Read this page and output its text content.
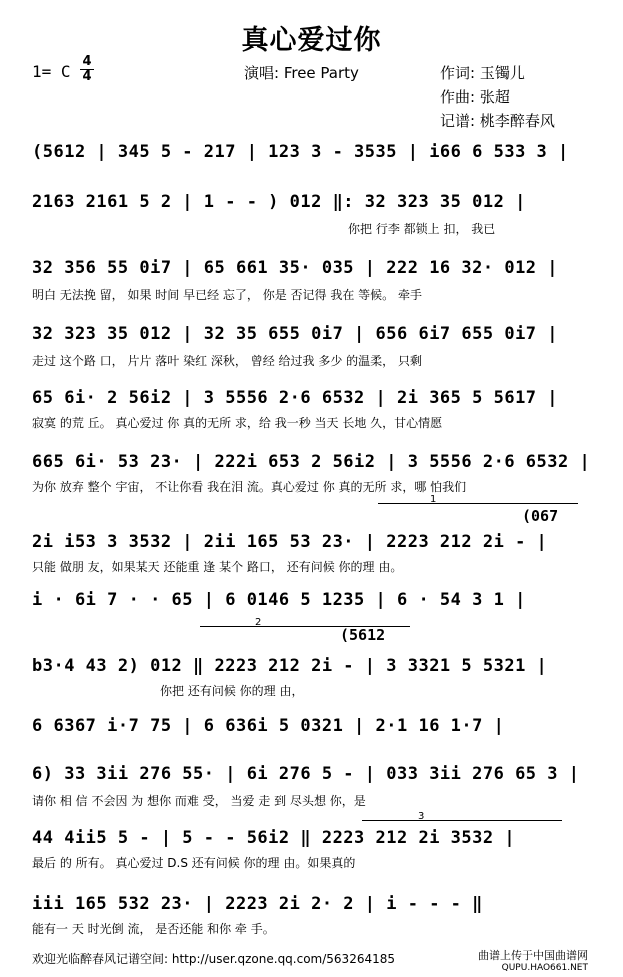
真心爱过你
1= C
4
4	演唱: Free Party	作词: 玉镯儿
作曲: 张超
记谱: 桃李醉春风
(5612 | 345 5 - 217 | 123 3 - 3535 | i66 6 533 3 |
2163 2161 5 2 | 1 - - ) 012 ‖: 32 323 35 012 |
你把 行李 都锁上 扣， 我已
32 356 55 0i7 | 65 661 35· 035 | 222 16 32· 012 |
明白 无法挽 留， 如果 时间 早已经 忘了， 你是 否记得 我在 等候。 牵手
32 323 35 012 | 32 35 655 0i7 | 656 6i7 655 0i7 |
走过 这个路 口， 片片 落叶 染红 深秋， 曾经 给过我 多少 的温柔， 只剩
65 6i· 2 56i2 | 3 5556 2·6 6532 | 2i 365 5 5617 |
寂寞 的荒 丘。 真心爱过 你 真的无所 求，给 我一秒 当天 长地 久，甘心情愿
665 6i· 53 23· | 222i 653 2 56i2 | 3 5556 2·6 6532 |
为你 放弃 整个 宇宙， 不让你看 我在泪 流。真心爱过 你 真的无所 求，哪 怕我们
1
(067
2i i53 3 3532 | 2ii 165 53 23· | 2223 212 2i - |
只能 做朋 友，如果某天 还能重 逢 某个 路口， 还有问候 你的理 由。
i · 6i 7 · · 65 | 6 0146 5 1235 | 6 · 54 3 1 |
2
(5612
b3·4 43 2) 012 ‖ 2223 212 2i - | 3 3321 5 5321 |
你把 还有问候 你的理 由，
6 6367 i·7 75 | 6 636i 5 0321 | 2·1 16 1·7 |
6) 33 3ii 276 55· | 6i 276 5 - | 033 3ii 276 65 3 |
请你 相 信 不会因 为 想你 而难 受， 当爱 走 到 尽头想 你，是
3
44 4ii5 5 - | 5 - - 56i2 ‖ 2223 212 2i 3532 |
最后 的 所有。 真心爱过 D.S 还有问候 你的理 由。如果真的
iii 165 532 23· | 2223 2i 2· 2 | i - - - ‖
能有一 天 时光倒 流， 是否还能 和你 牵 手。
欢迎光临醉春风记谱空间: http://user.qzone.qq.com/563264185	曲谱上传于中国曲谱网
QUPU.HAO661.NET
